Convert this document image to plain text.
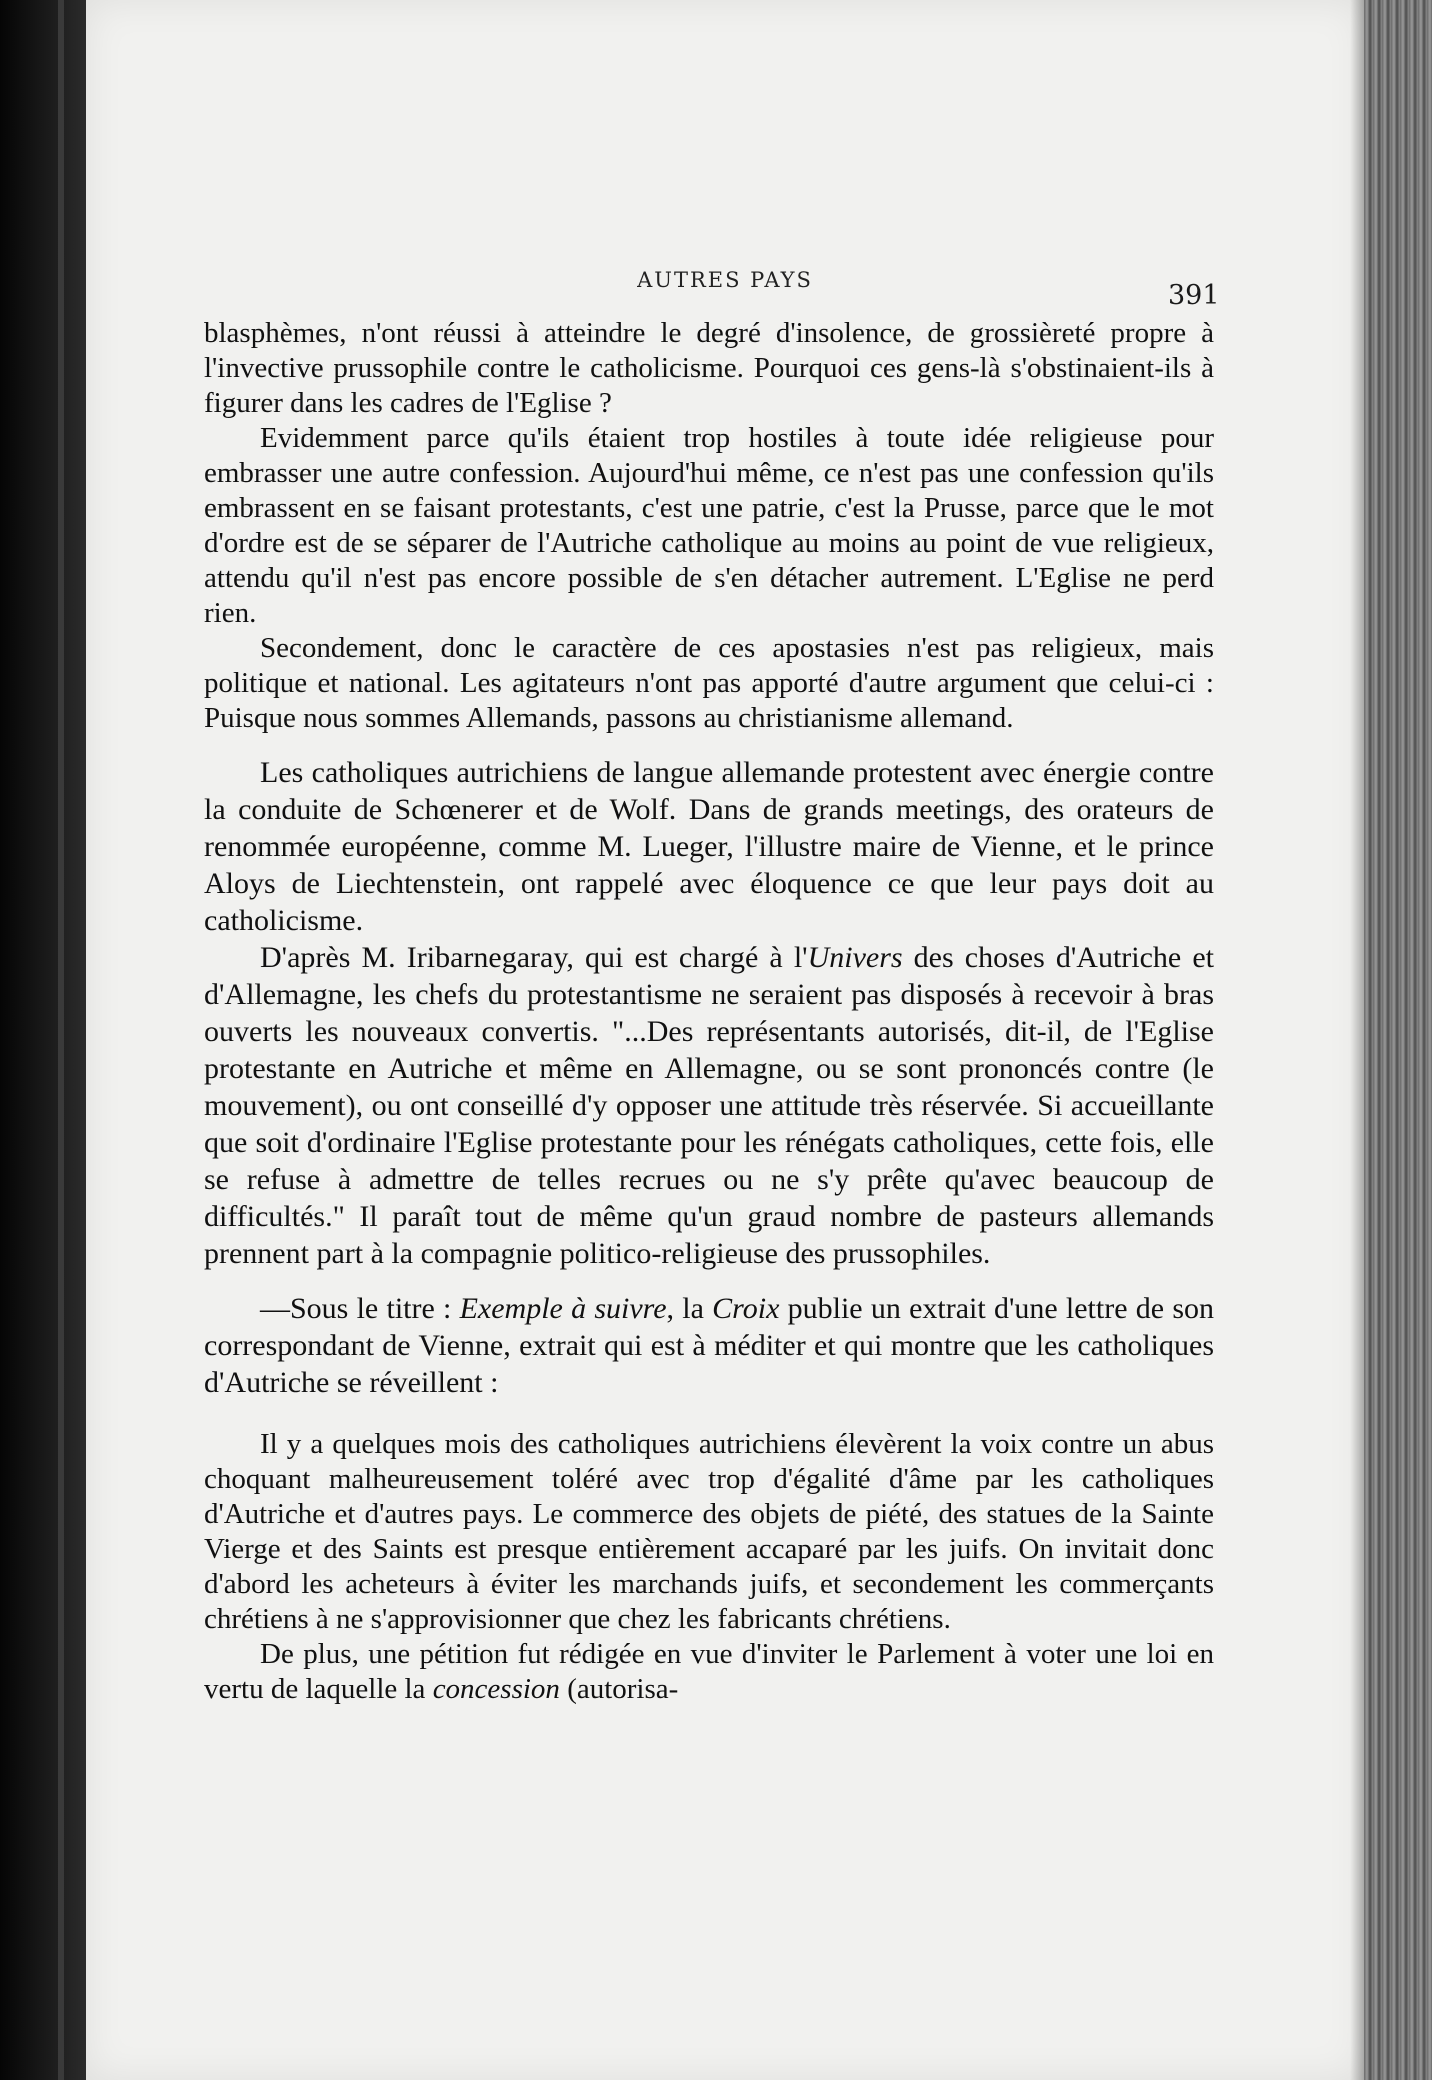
AUTRES PAYS	391

blasphèmes, n'ont réussi à atteindre le degré d'insolence, de grossièreté propre à l'invective prussophile contre le catholicisme. Pourquoi ces gens-là s'obstinaient-ils à figurer dans les cadres de l'Eglise ?

Evidemment parce qu'ils étaient trop hostiles à toute idée religieuse pour embrasser une autre confession. Aujourd'hui même, ce n'est pas une confession qu'ils embrassent en se faisant protestants, c'est une patrie, c'est la Prusse, parce que le mot d'ordre est de se séparer de l'Autriche catholique au moins au point de vue religieux, attendu qu'il n'est pas encore possible de s'en détacher autrement. L'Eglise ne perd rien.

Secondement, donc le caractère de ces apostasies n'est pas religieux, mais politique et national. Les agitateurs n'ont pas apporté d'autre argument que celui-ci : Puisque nous sommes Allemands, passons au christianisme allemand.

Les catholiques autrichiens de langue allemande protestent avec énergie contre la conduite de Schœnerer et de Wolf. Dans de grands meetings, des orateurs de renommée européenne, comme M. Lueger, l'illustre maire de Vienne, et le prince Aloys de Liechtenstein, ont rappelé avec éloquence ce que leur pays doit au catholicisme.

D'après M. Iribarnegaray, qui est chargé à l'Univers des choses d'Autriche et d'Allemagne, les chefs du protestantisme ne seraient pas disposés à recevoir à bras ouverts les nouveaux convertis. "...Des représentants autorisés, dit-il, de l'Eglise protestante en Autriche et même en Allemagne, ou se sont prononcés contre (le mouvement), ou ont conseillé d'y opposer une attitude très réservée. Si accueillante que soit d'ordinaire l'Eglise protestante pour les rénégats catholiques, cette fois, elle se refuse à admettre de telles recrues ou ne s'y prête qu'avec beaucoup de difficultés." Il paraît tout de même qu'un graud nombre de pasteurs allemands prennent part à la compagnie politico-religieuse des prussophiles.

—Sous le titre : Exemple à suivre, la Croix publie un extrait d'une lettre de son correspondant de Vienne, extrait qui est à méditer et qui montre que les catholiques d'Autriche se réveillent :

Il y a quelques mois des catholiques autrichiens élevèrent la voix contre un abus choquant malheureusement toléré avec trop d'égalité d'âme par les catholiques d'Autriche et d'autres pays. Le commerce des objets de piété, des statues de la Sainte Vierge et des Saints est presque entièrement accaparé par les juifs. On invitait donc d'abord les acheteurs à éviter les marchands juifs, et secondement les commerçants chrétiens à ne s'approvisionner que chez les fabricants chrétiens.

De plus, une pétition fut rédigée en vue d'inviter le Parlement à voter une loi en vertu de laquelle la concession (autorisa-
